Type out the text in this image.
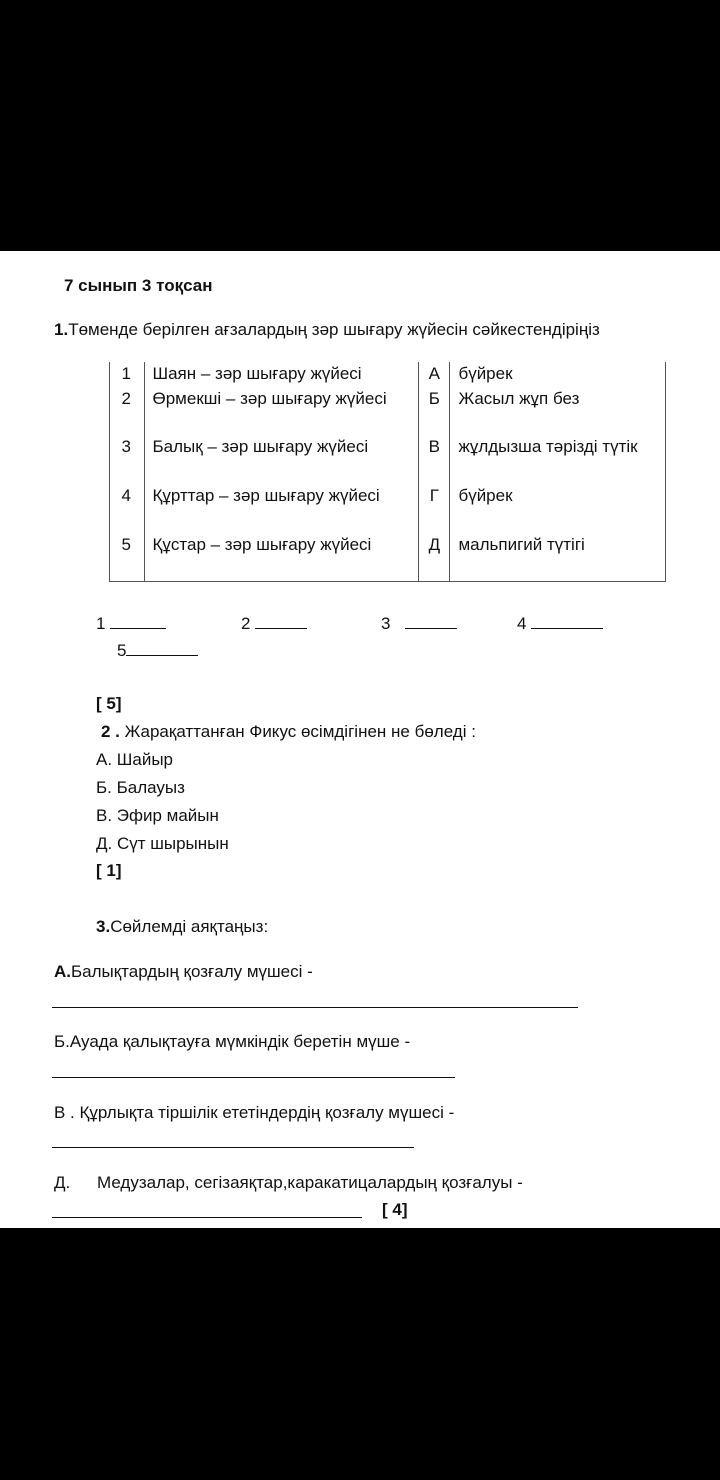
7 сынып 3 тоқсан
1.Төменде берілген ағзалардың зәр шығару жүйесін сәйкестендіріңіз
1	Шаян – зәр шығару жүйесі	А	бүйрек
2	Өрмекші – зәр шығару жүйесі	Б	Жасыл жұп без
3	Балық – зәр шығару жүйесі	В	жұлдызша тәрізді түтік
4	Құрттар – зәр шығару жүйесі	Г	бүйрек
5	Құстар – зәр шығару жүйесі	Д	мальпигий түтігі
1	2	3	4
5
[ 5]
2 . Жарақаттанған Фикус өсімдігінен не бөледі :
А. Шайыр
Б. Балауыз
В. Эфир майын
Д. Сүт шырынын
[ 1]
3.Сөйлемді аяқтаңыз:
А.Балықтардың қозғалу мүшесі -
Б.Ауада қалықтауға мүмкіндік беретін мүше -
В . Құрлықта тіршілік ететіндердің қозғалу мүшесі -
Д. Медузалар, сегізаяқтар,каракатицалардың қозғалуы -
[ 4]
